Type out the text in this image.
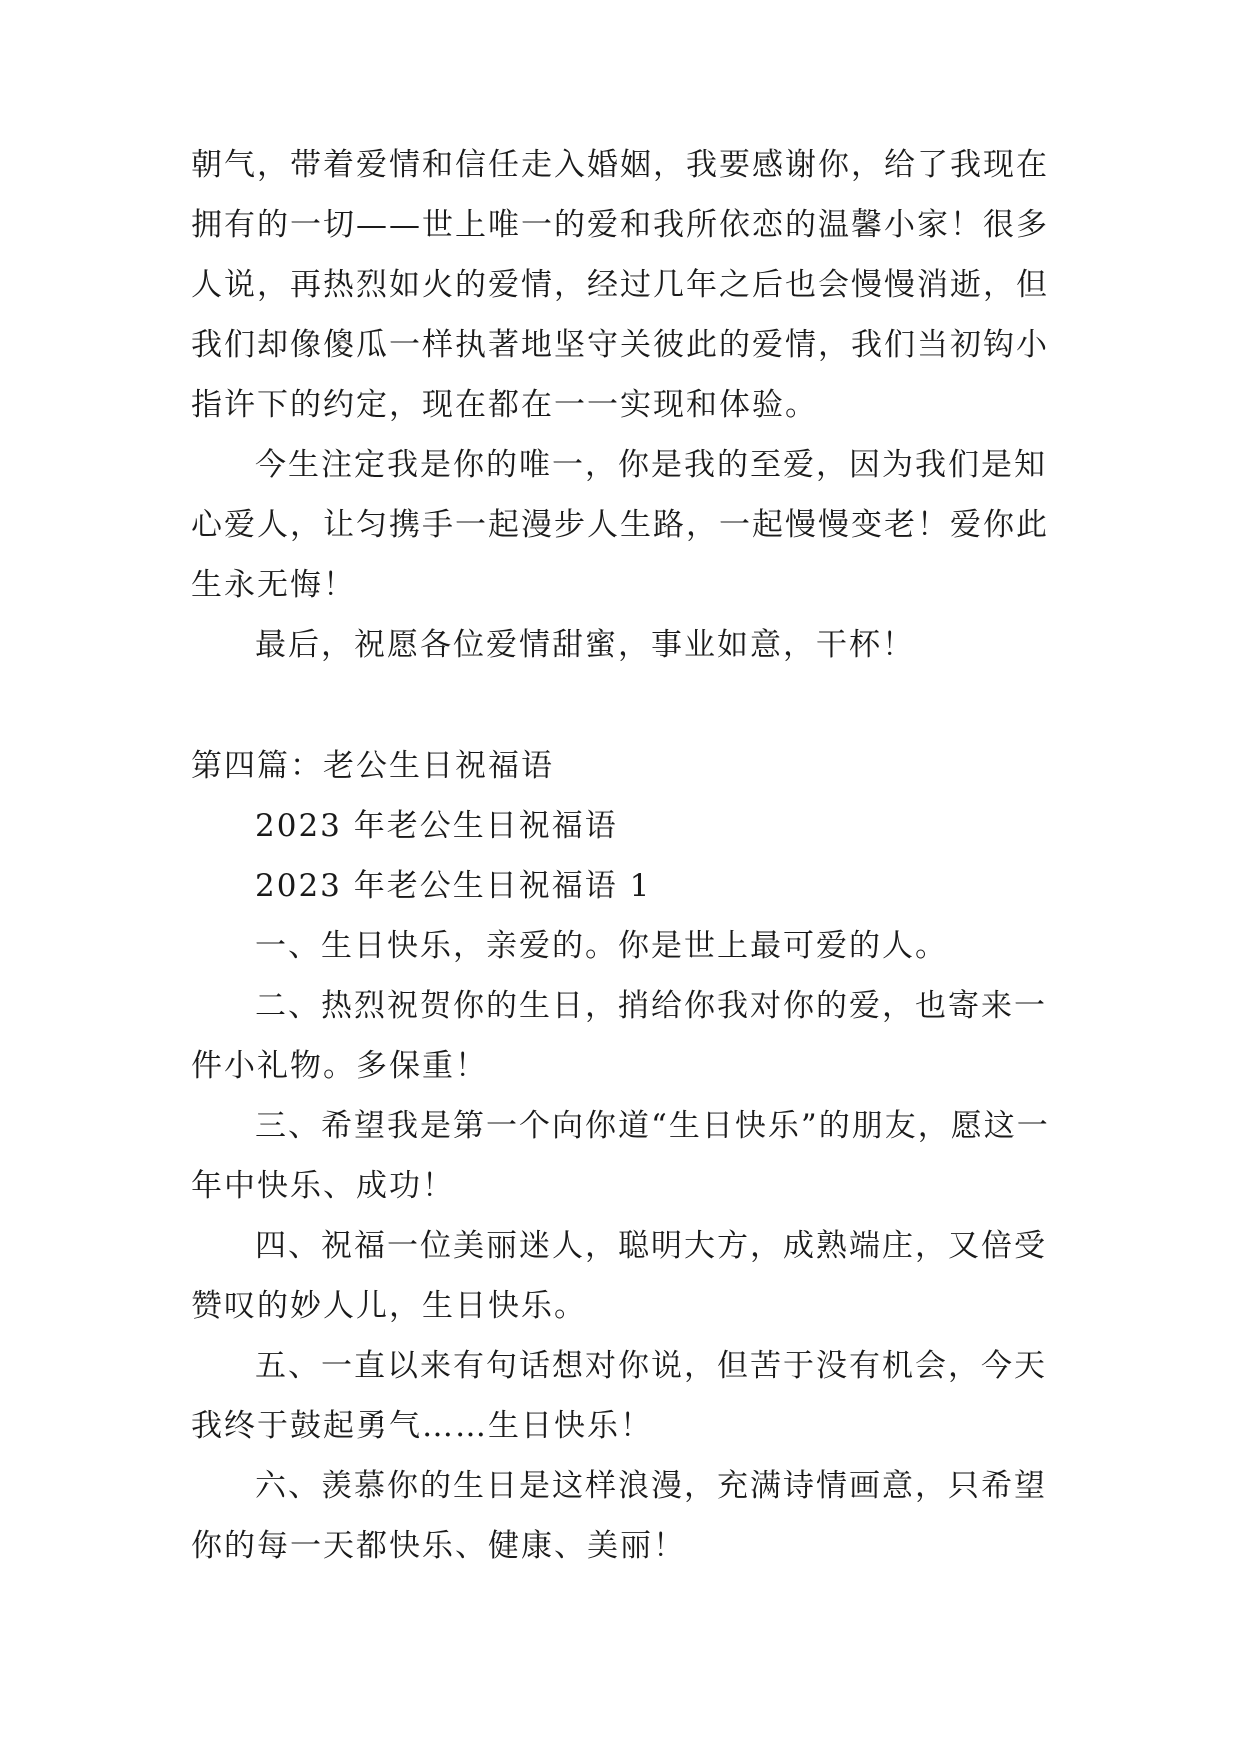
朝气，带着爱情和信任走入婚姻，我要感谢你，给了我现在拥有的一切——世上唯一的爱和我所依恋的温馨小家！很多人说，再热烈如火的爱情，经过几年之后也会慢慢消逝，但我们却像傻瓜一样执著地坚守关彼此的爱情，我们当初钩小指许下的约定，现在都在一一实现和体验。

今生注定我是你的唯一，你是我的至爱，因为我们是知心爱人，让匀携手一起漫步人生路，一起慢慢变老！爱你此生永无悔！

最后，祝愿各位爱情甜蜜，事业如意，干杯！

第四篇：老公生日祝福语

2023 年老公生日祝福语

2023 年老公生日祝福语 1

一、生日快乐，亲爱的。你是世上最可爱的人。

二、热烈祝贺你的生日，捎给你我对你的爱，也寄来一件小礼物。多保重！

三、希望我是第一个向你道“生日快乐”的朋友，愿这一年中快乐、成功！

四、祝福一位美丽迷人，聪明大方，成熟端庄，又倍受赞叹的妙人儿，生日快乐。

五、一直以来有句话想对你说，但苦于没有机会，今天我终于鼓起勇气……生日快乐！

六、羡慕你的生日是这样浪漫，充满诗情画意，只希望你的每一天都快乐、健康、美丽！
